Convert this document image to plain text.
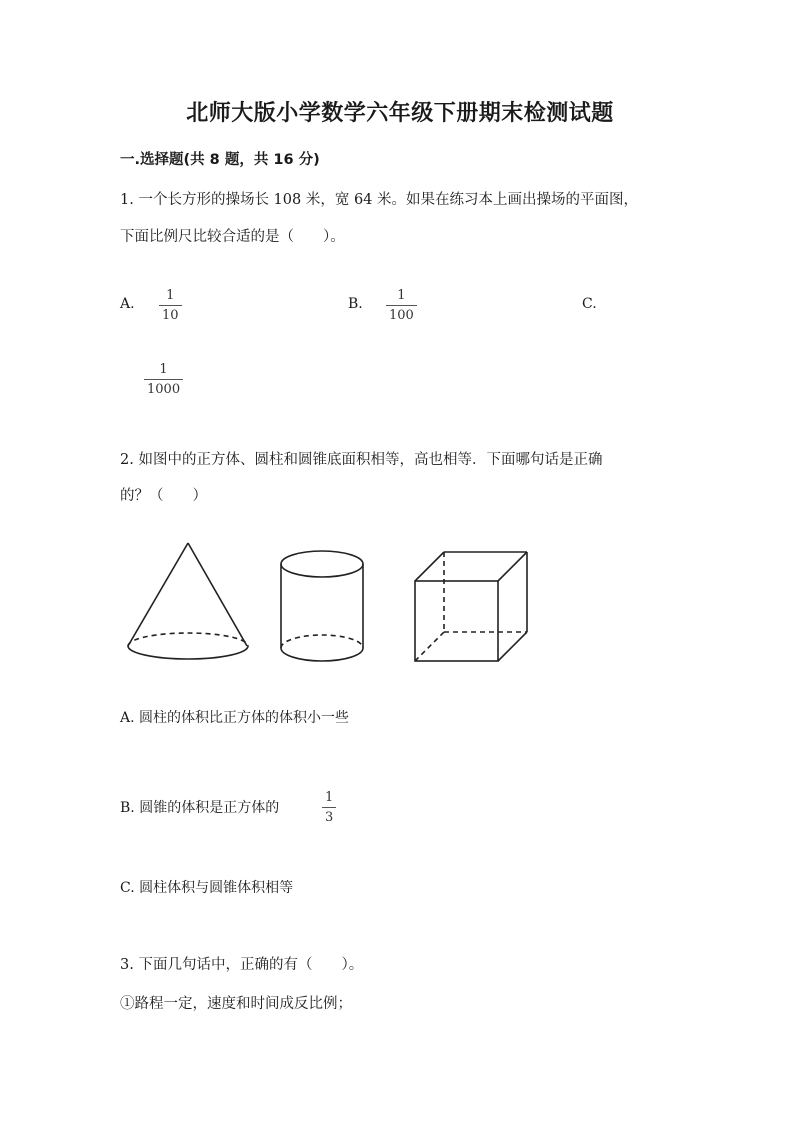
北师大版小学数学六年级下册期末检测试题
一.选择题(共 8 题，共 16 分)
1. 一个长方形的操场长 108 米，宽 64 米。如果在练习本上画出操场的平面图，
下面比例尺比较合适的是（　　）。
A.
1
10
B.
1
100
C.
1
1000
2. 如图中的正方体、圆柱和圆锥底面积相等，高也相等．下面哪句话是正确
的？（　　）
A. 圆柱的体积比正方体的体积小一些
B. 圆锥的体积是正方体的
1
3
C. 圆柱体积与圆锥体积相等
3. 下面几句话中，正确的有（　　）。
①路程一定，速度和时间成反比例；
